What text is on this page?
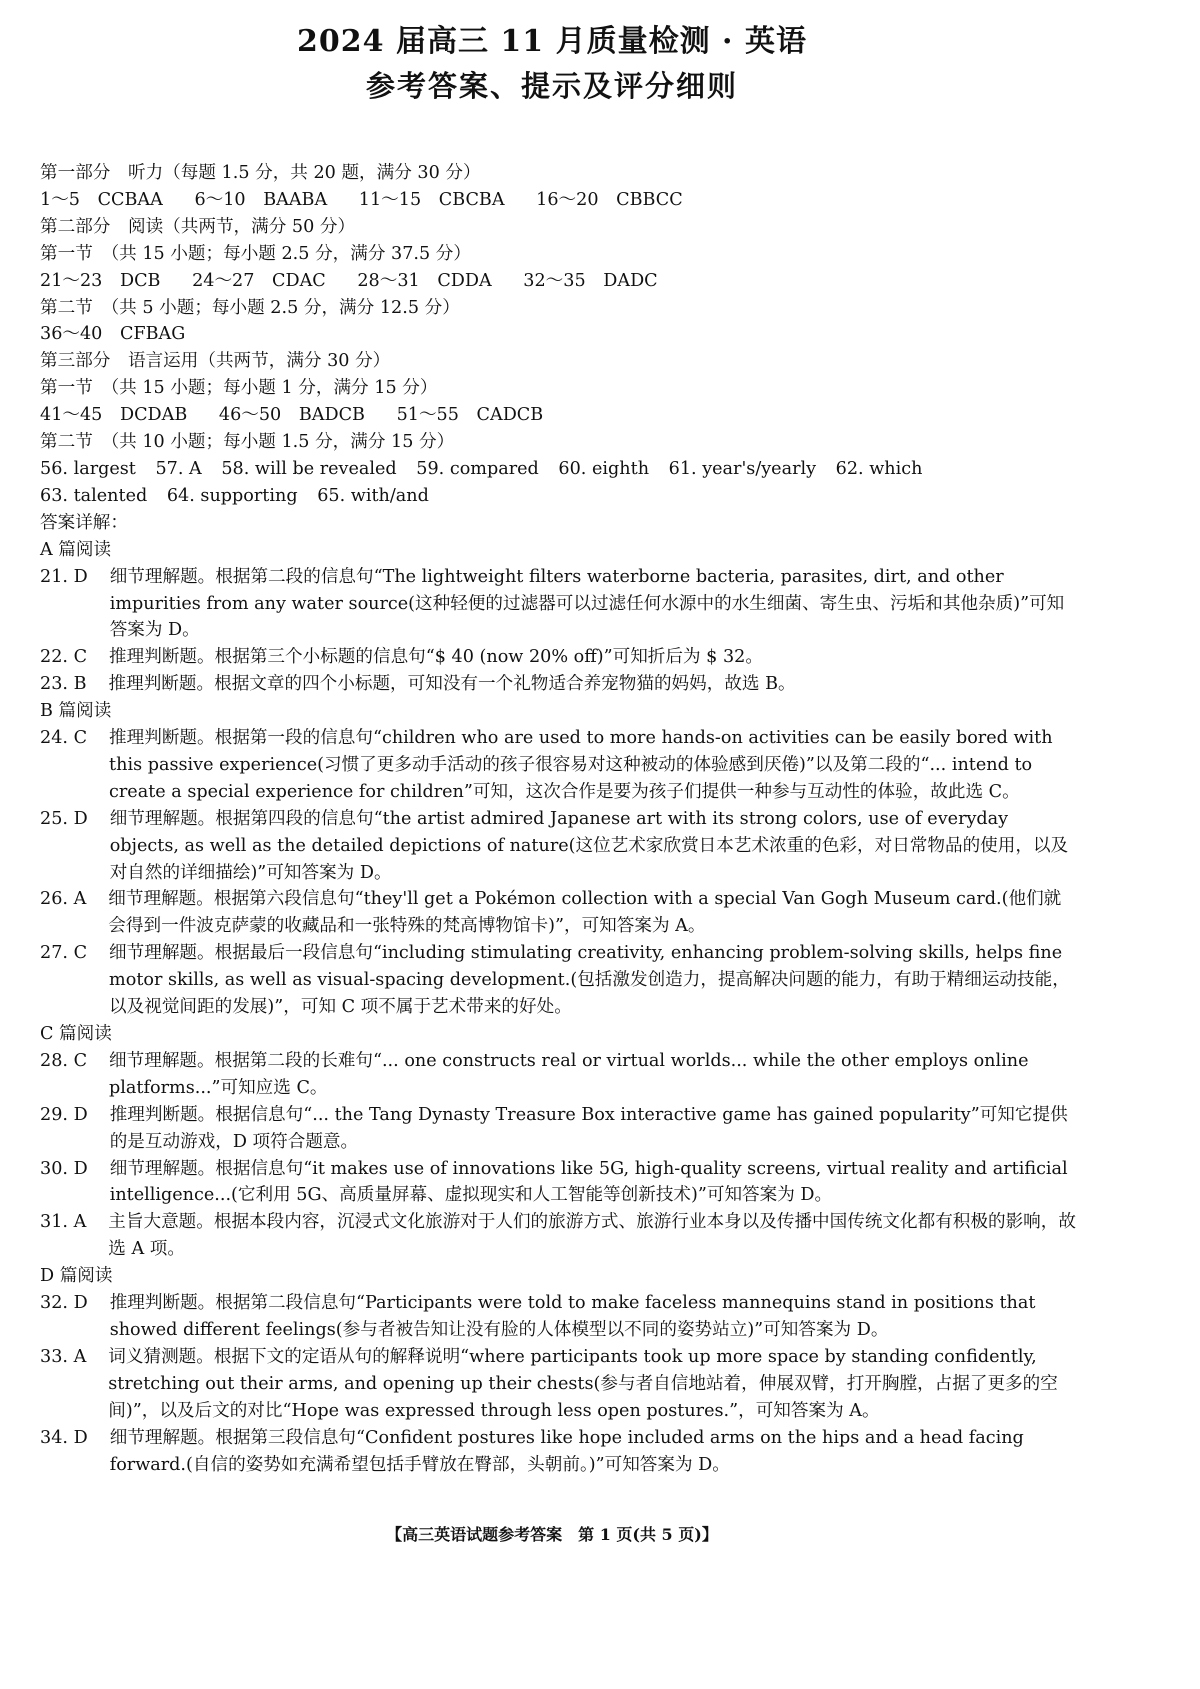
2024 届高三 11 月质量检测 · 英语
参考答案、提示及评分细则
第一部分　听力（每题 1.5 分，共 20 题，满分 30 分）
1～5　CCBAA 6～10　BAABA 11～15　CBCBA 16～20　CBBCC
第二部分　阅读（共两节，满分 50 分）
第一节　（共 15 小题；每小题 2.5 分，满分 37.5 分）
21～23　DCB 24～27　CDAC 28～31　CDDA 32～35　DADC
第二节　（共 5 小题；每小题 2.5 分，满分 12.5 分）
36～40　CFBAG
第三部分　语言运用（共两节，满分 30 分）
第一节　（共 15 小题；每小题 1 分，满分 15 分）
41～45　DCDAB 46～50　BADCB 51～55　CADCB
第二节　（共 10 小题；每小题 1.5 分，满分 15 分）
56. largest 57. A 58. will be revealed 59. compared 60. eighth 61. year's/yearly 62. which
63. talented 64. supporting 65. with/and
答案详解：
A 篇阅读
21. D 细节理解题。根据第二段的信息句“The lightweight filters waterborne bacteria, parasites, dirt, and other impurities from any water source(这种轻便的过滤器可以过滤任何水源中的水生细菌、寄生虫、污垢和其他杂质)”可知答案为 D。
22. C 推理判断题。根据第三个小标题的信息句“$ 40 (now 20% off)”可知折后为 $ 32。
23. B 推理判断题。根据文章的四个小标题，可知没有一个礼物适合养宠物猫的妈妈，故选 B。
B 篇阅读
24. C 推理判断题。根据第一段的信息句“children who are used to more hands-on activities can be easily bored with this passive experience(习惯了更多动手活动的孩子很容易对这种被动的体验感到厌倦)”以及第二段的“... intend to create a special experience for children”可知，这次合作是要为孩子们提供一种参与互动性的体验，故此选 C。
25. D 细节理解题。根据第四段的信息句“the artist admired Japanese art with its strong colors, use of everyday objects, as well as the detailed depictions of nature(这位艺术家欣赏日本艺术浓重的色彩，对日常物品的使用，以及对自然的详细描绘)”可知答案为 D。
26. A 细节理解题。根据第六段信息句“they'll get a Pokémon collection with a special Van Gogh Museum card.(他们就会得到一件波克萨蒙的收藏品和一张特殊的梵高博物馆卡)”，可知答案为 A。
27. C 细节理解题。根据最后一段信息句“including stimulating creativity, enhancing problem-solving skills, helps fine motor skills, as well as visual-spacing development.(包括激发创造力，提高解决问题的能力，有助于精细运动技能，以及视觉间距的发展)”，可知 C 项不属于艺术带来的好处。
C 篇阅读
28. C 细节理解题。根据第二段的长难句“... one constructs real or virtual worlds... while the other employs online platforms...”可知应选 C。
29. D 推理判断题。根据信息句“... the Tang Dynasty Treasure Box interactive game has gained popularity”可知它提供的是互动游戏，D 项符合题意。
30. D 细节理解题。根据信息句“it makes use of innovations like 5G, high-quality screens, virtual reality and artificial intelligence...(它利用 5G、高质量屏幕、虚拟现实和人工智能等创新技术)”可知答案为 D。
31. A 主旨大意题。根据本段内容，沉浸式文化旅游对于人们的旅游方式、旅游行业本身以及传播中国传统文化都有积极的影响，故选 A 项。
D 篇阅读
32. D 推理判断题。根据第二段信息句“Participants were told to make faceless mannequins stand in positions that showed different feelings(参与者被告知让没有脸的人体模型以不同的姿势站立)”可知答案为 D。
33. A 词义猜测题。根据下文的定语从句的解释说明“where participants took up more space by standing confidently, stretching out their arms, and opening up their chests(参与者自信地站着，伸展双臂，打开胸膛，占据了更多的空间)”，以及后文的对比“Hope was expressed through less open postures.”，可知答案为 A。
34. D 细节理解题。根据第三段信息句“Confident postures like hope included arms on the hips and a head facing forward.(自信的姿势如充满希望包括手臂放在臀部，头朝前。)”可知答案为 D。
【高三英语试题参考答案　第 1 页(共 5 页)】
